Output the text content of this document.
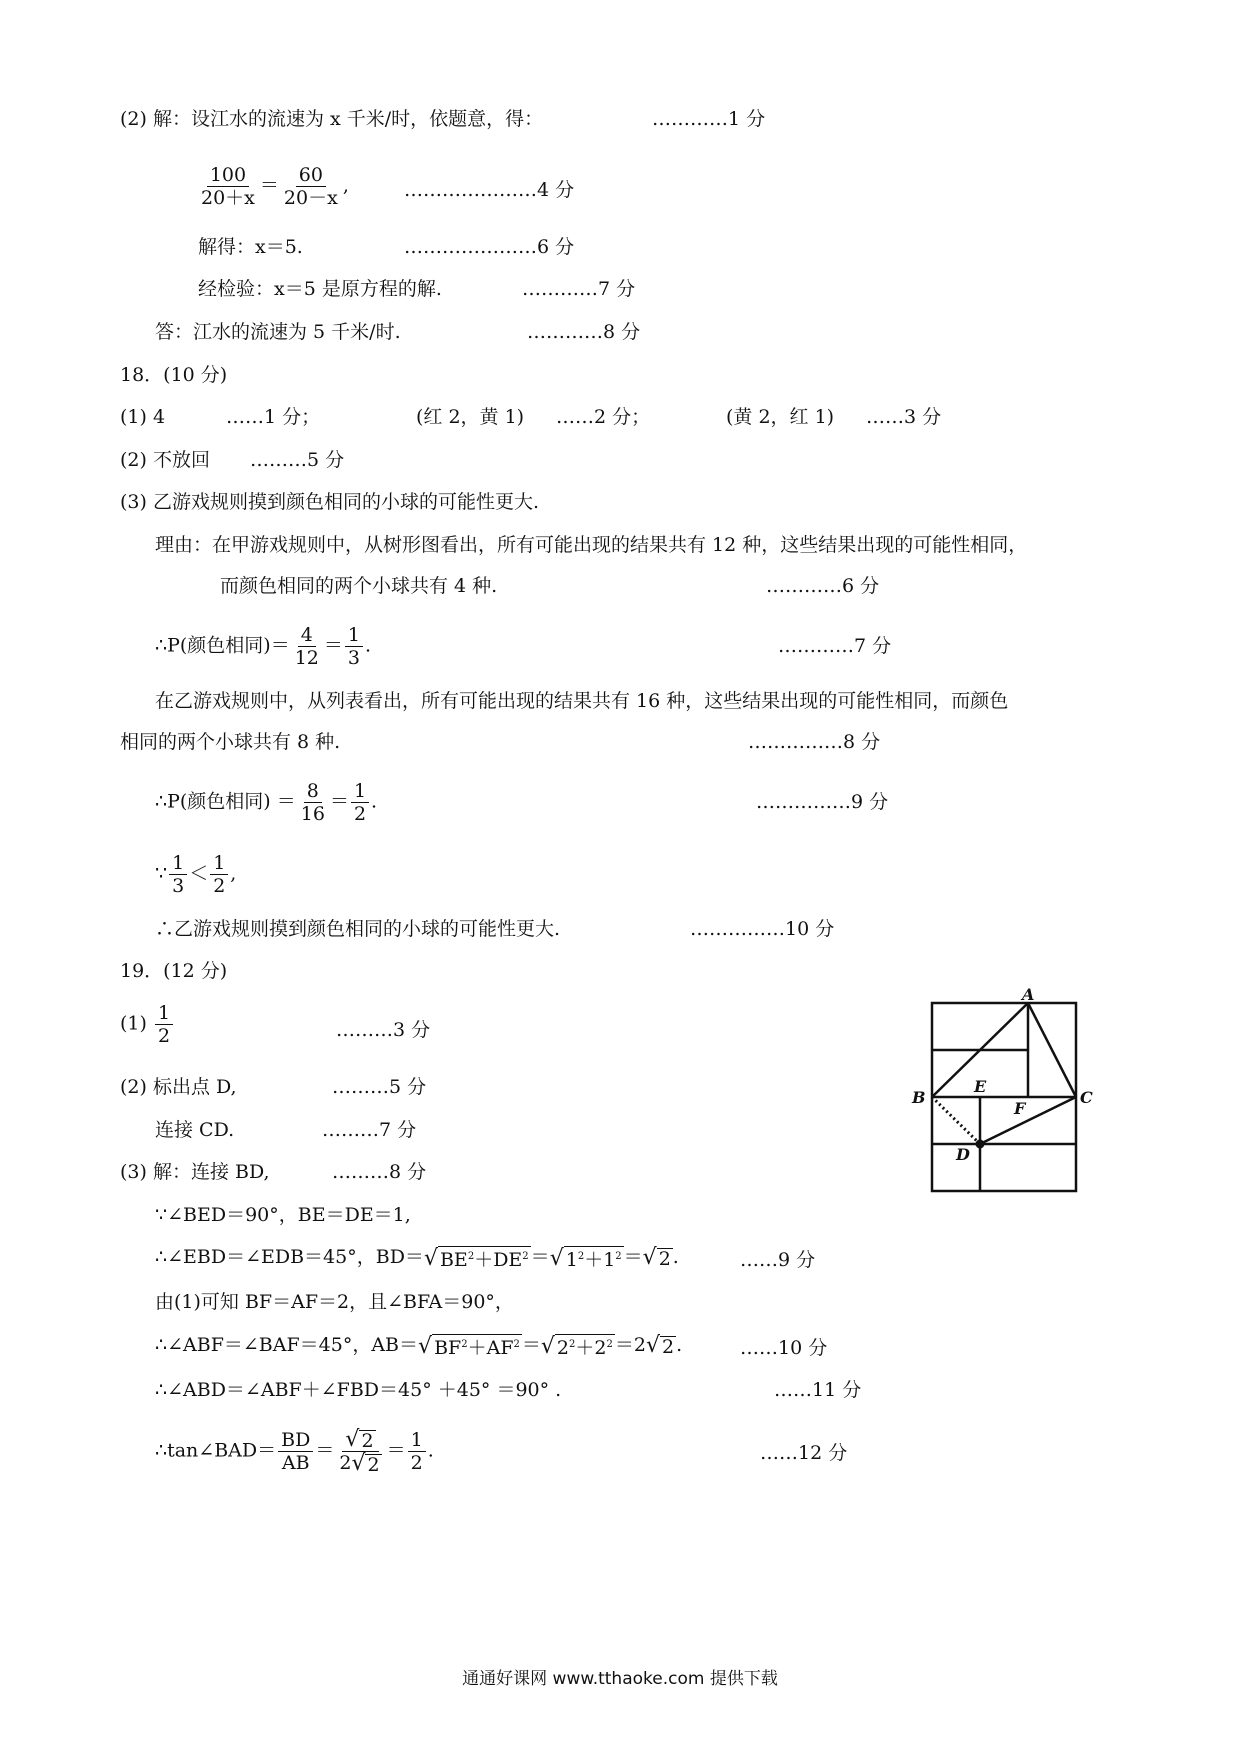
(2) 解：设江水的流速为 x 千米/时，依题意，得：	…………1 分
$\frac{100}{20+x} = \frac{60}{20-x}$ ,	…………………4 分
解得：x＝5.	…………………6 分
经检验：x＝5 是原方程的解.	…………7 分
答：江水的流速为 5 千米/时.	…………8 分
18．(10 分)
(1) 4	……1 分；	(红 2，黄 1) ……2 分；	(黄 2，红 1) ……3 分
(2) 不放回 ………5 分
(3) 乙游戏规则摸到颜色相同的小球的可能性更大.
理由：在甲游戏规则中，从树形图看出，所有可能出现的结果共有 12 种，这些结果出现的可能性相同，
而颜色相同的两个小球共有 4 种.	…………6 分
∴P(颜色相同)＝ $\frac{4}{12} = \frac{1}{3}$ .	…………7 分
在乙游戏规则中，从列表看出，所有可能出现的结果共有 16 种，这些结果出现的可能性相同，而颜色
相同的两个小球共有 8 种.	……………8 分
∴P(颜色相同) ＝ $\frac{8}{16} = \frac{1}{2}$ .	……………9 分
∵ $\frac{1}{3} < \frac{1}{2}$ ,
∴乙游戏规则摸到颜色相同的小球的可能性更大.	……………10 分
19．(12 分)
$(1) \frac{1}{2}$	………3 分
(2) 标出点 D,	………5 分
连接 CD.	………7 分
(3) 解：连接 BD,	………8 分
∵∠BED＝90°，BE＝DE＝1,
∴∠EBD＝∠EDB＝45°，BD＝ √ $BE^2+DE^2$ ＝ √ $1^2+1^2$ ＝ √ 2 .	……9 分
由(1)可知 BF＝AF＝2，且∠BFA＝90°，
∴∠ABF＝∠BAF＝45°，AB＝ √ $BF^2+AF^2$ ＝ √ $2^2+2^2 =2$ √ 2 .	……10 分
∴∠ABD＝∠ABF＋∠FBD＝45° ＋45° ＝90° .	……11 分
∴tan∠BAD＝ $\frac{BD}{AB} = \frac{√ 2}{2 √ 2} = \frac{1}{2}$ .	……12 分
A
B	C
D
E
F
通通好课网 www.tthaoke.com 提供下载
